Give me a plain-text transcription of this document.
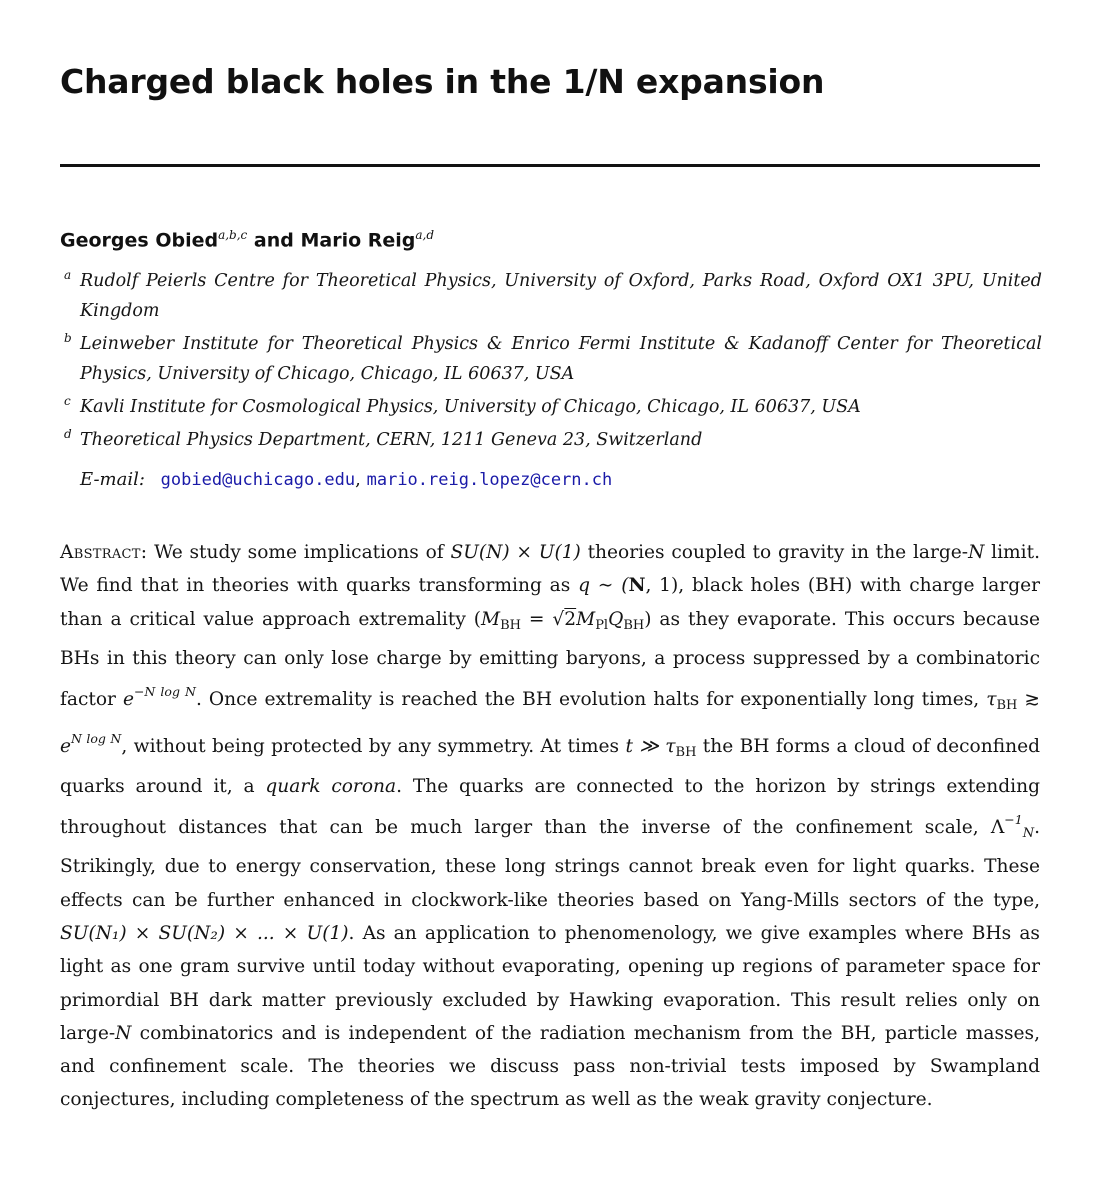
Charged black holes in the 1/N expansion
Georges Obied$^{a,b,c}$ and Mario Reig$^{a,d}$
a Rudolf Peierls Centre for Theoretical Physics, University of Oxford, Parks Road, Oxford OX1 3PU, United Kingdom
b Leinweber Institute for Theoretical Physics & Enrico Fermi Institute & Kadanoff Center for Theoretical Physics, University of Chicago, Chicago, IL 60637, USA
c Kavli Institute for Cosmological Physics, University of Chicago, Chicago, IL 60637, USA
d Theoretical Physics Department, CERN, 1211 Geneva 23, Switzerland
E-mail: gobied@uchicago.edu, mario.reig.lopez@cern.ch

Abstract: We study some implications of SU(N) × U(1) theories coupled to gravity in the large-N limit. We find that in theories with quarks transforming as q ∼ (N, 1), black holes (BH) with charge larger than a critical value approach extremality $(M_{BH} = √2M_{Pl}Q_{BH})$ as they evaporate. This occurs because BHs in this theory can only lose charge by emitting baryons, a process suppressed by a combinatoric factor $e^{-N log N}$. Once extremality is reached the BH evolution halts for exponentially long times, $\tau_{BH}$ ≳ $e^{N log N}$, without being protected by any symmetry. At times t ≫ $\tau_{BH}$ the BH forms a cloud of deconfined quarks around it, a quark corona. The quarks are connected to the horizon by strings extending throughout distances that can be much larger than the inverse of the confinement scale, $\Lambda^{-1}_N$. Strikingly, due to energy conservation, these long strings cannot break even for light quarks. These effects can be further enhanced in clockwork-like theories based on Yang-Mills sectors of the type, SU(N₁) × SU(N₂) × ... × U(1). As an application to phenomenology, we give examples where BHs as light as one gram survive until today without evaporating, opening up regions of parameter space for primordial BH dark matter previously excluded by Hawking evaporation. This result relies only on large-N combinatorics and is independent of the radiation mechanism from the BH, particle masses, and confinement scale. The theories we discuss pass non-trivial tests imposed by Swampland conjectures, including completeness of the spectrum as well as the weak gravity conjecture.
